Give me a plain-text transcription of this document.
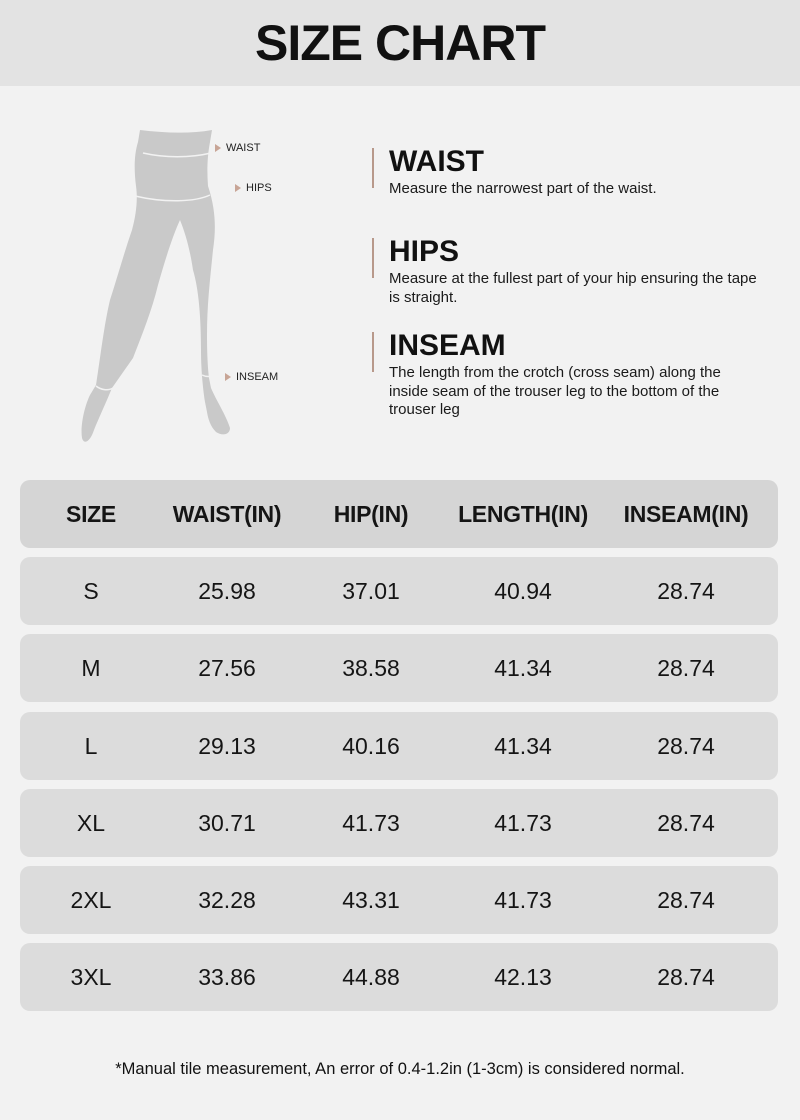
SIZE CHART
WAIST
HIPS
INSEAM
WAIST
Measure the narrowest part of the waist.
HIPS
Measure at the fullest part of your hip ensuring the tape is straight.
INSEAM
The length from the crotch (cross seam) along the inside seam of the trouser leg to the bottom of the trouser leg
SIZE	WAIST(IN)	HIP(IN)	LENGTH(IN)	INSEAM(IN)
S	25.98	37.01	40.94	28.74
M	27.56	38.58	41.34	28.74
L	29.13	40.16	41.34	28.74
XL	30.71	41.73	41.73	28.74
2XL	32.28	43.31	41.73	28.74
3XL	33.86	44.88	42.13	28.74
*Manual tile measurement, An error of 0.4-1.2in (1-3cm) is considered normal.
